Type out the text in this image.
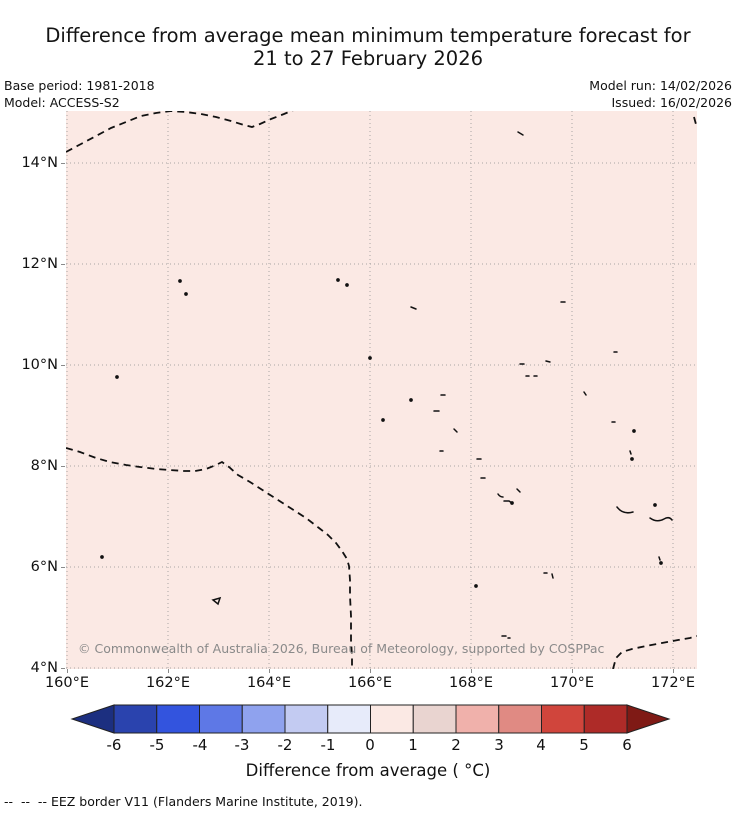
Difference from average mean minimum temperature forecast for
21 to 27 February 2026
Base period: 1981-2018
Model: ACCESS-S2
Model run: 14/02/2026
Issued: 16/02/2026
© Commonwealth of Australia 2026, Bureau of Meteorology, supported by COSPPac
14°N
12°N
10°N
8°N
6°N
4°N
160°E	162°E	164°E	166°E	168°E	170°E	172°E
-6	-5	-4	-3	-2	-1	0	1	2	3	4	5	6
Difference from average ( °C)
--  --  -- EEZ border V11 (Flanders Marine Institute, 2019).
